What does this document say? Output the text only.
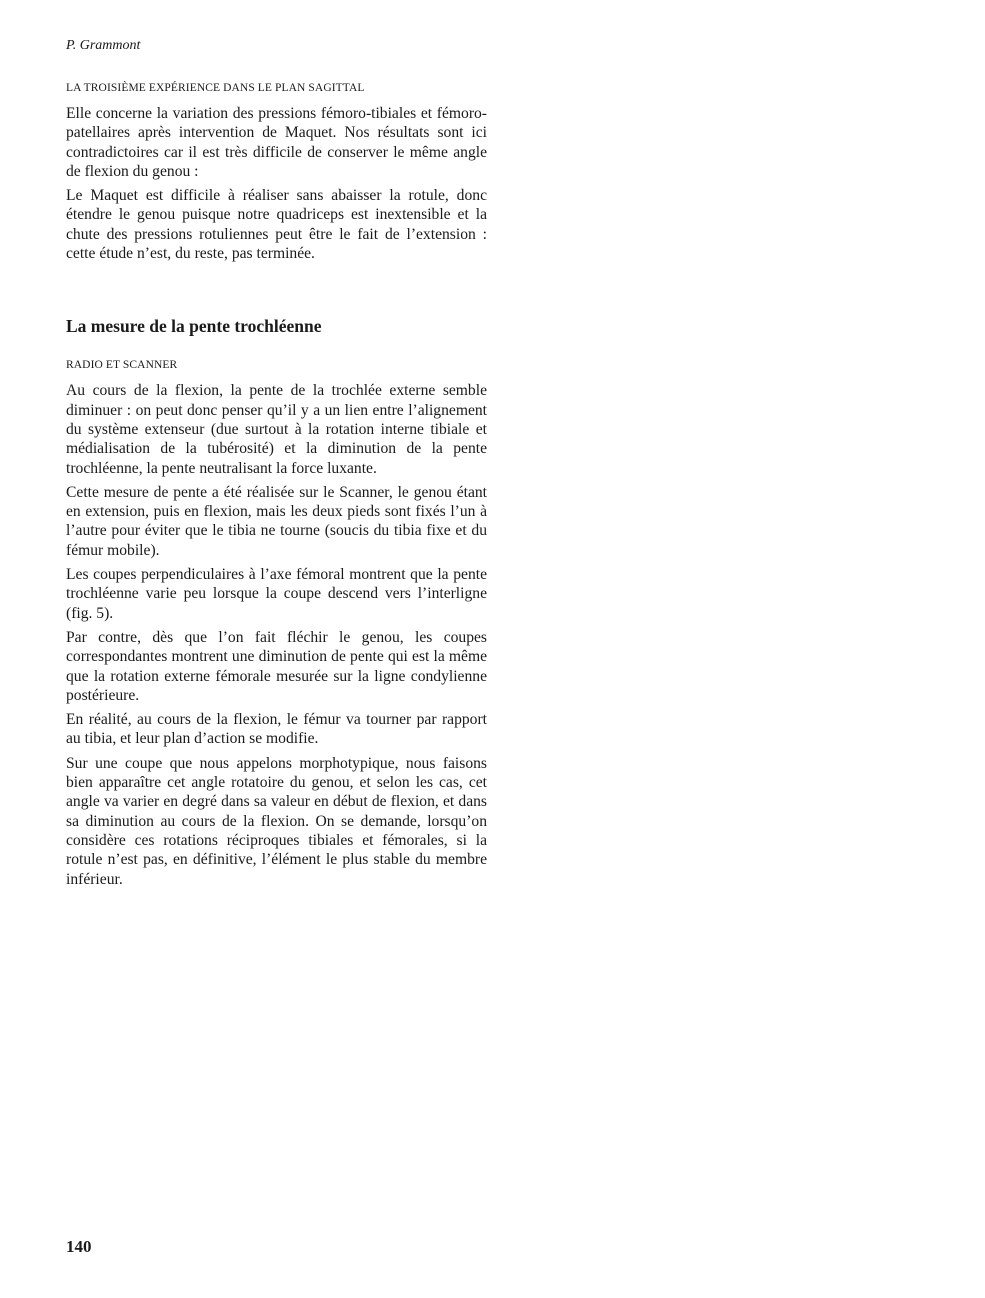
P. Grammont
LA TROISIÈME EXPÉRIENCE DANS LE PLAN SAGITTAL

Elle concerne la variation des pressions fémoro-tibiales et fémoro-patellaires après intervention de Maquet. Nos résultats sont ici contradictoires car il est très difficile de conserver le même angle de flexion du genou :

Le Maquet est difficile à réaliser sans abaisser la rotule, donc étendre le genou puisque notre quadriceps est inextensible et la chute des pressions rotuliennes peut être le fait de l’extension : cette étude n’est, du reste, pas terminée.

La mesure de la pente trochléenne
RADIO ET SCANNER

Au cours de la flexion, la pente de la trochlée externe semble diminuer : on peut donc penser qu’il y a un lien entre l’alignement du système extenseur (due surtout à la rotation interne tibiale et médialisation de la tubérosité) et la diminution de la pente trochléenne, la pente neutralisant la force luxante.

Cette mesure de pente a été réalisée sur le Scanner, le genou étant en extension, puis en flexion, mais les deux pieds sont fixés l’un à l’autre pour éviter que le tibia ne tourne (soucis du tibia fixe et du fémur mobile).

Les coupes perpendiculaires à l’axe fémoral montrent que la pente trochléenne varie peu lorsque la coupe descend vers l’interligne (fig. 5).

Par contre, dès que l’on fait fléchir le genou, les coupes correspondantes montrent une diminution de pente qui est la même que la rotation externe fémorale mesurée sur la ligne condylienne postérieure.

En réalité, au cours de la flexion, le fémur va tourner par rapport au tibia, et leur plan d’action se modifie.

Sur une coupe que nous appelons morphotypique, nous faisons bien apparaître cet angle rotatoire du genou, et selon les cas, cet angle va varier en degré dans sa valeur en début de flexion, et dans sa diminution au cours de la flexion. On se demande, lorsqu’on considère ces rotations réciproques tibiales et fémorales, si la rotule n’est pas, en définitive, l’élément le plus stable du membre inférieur.

140
